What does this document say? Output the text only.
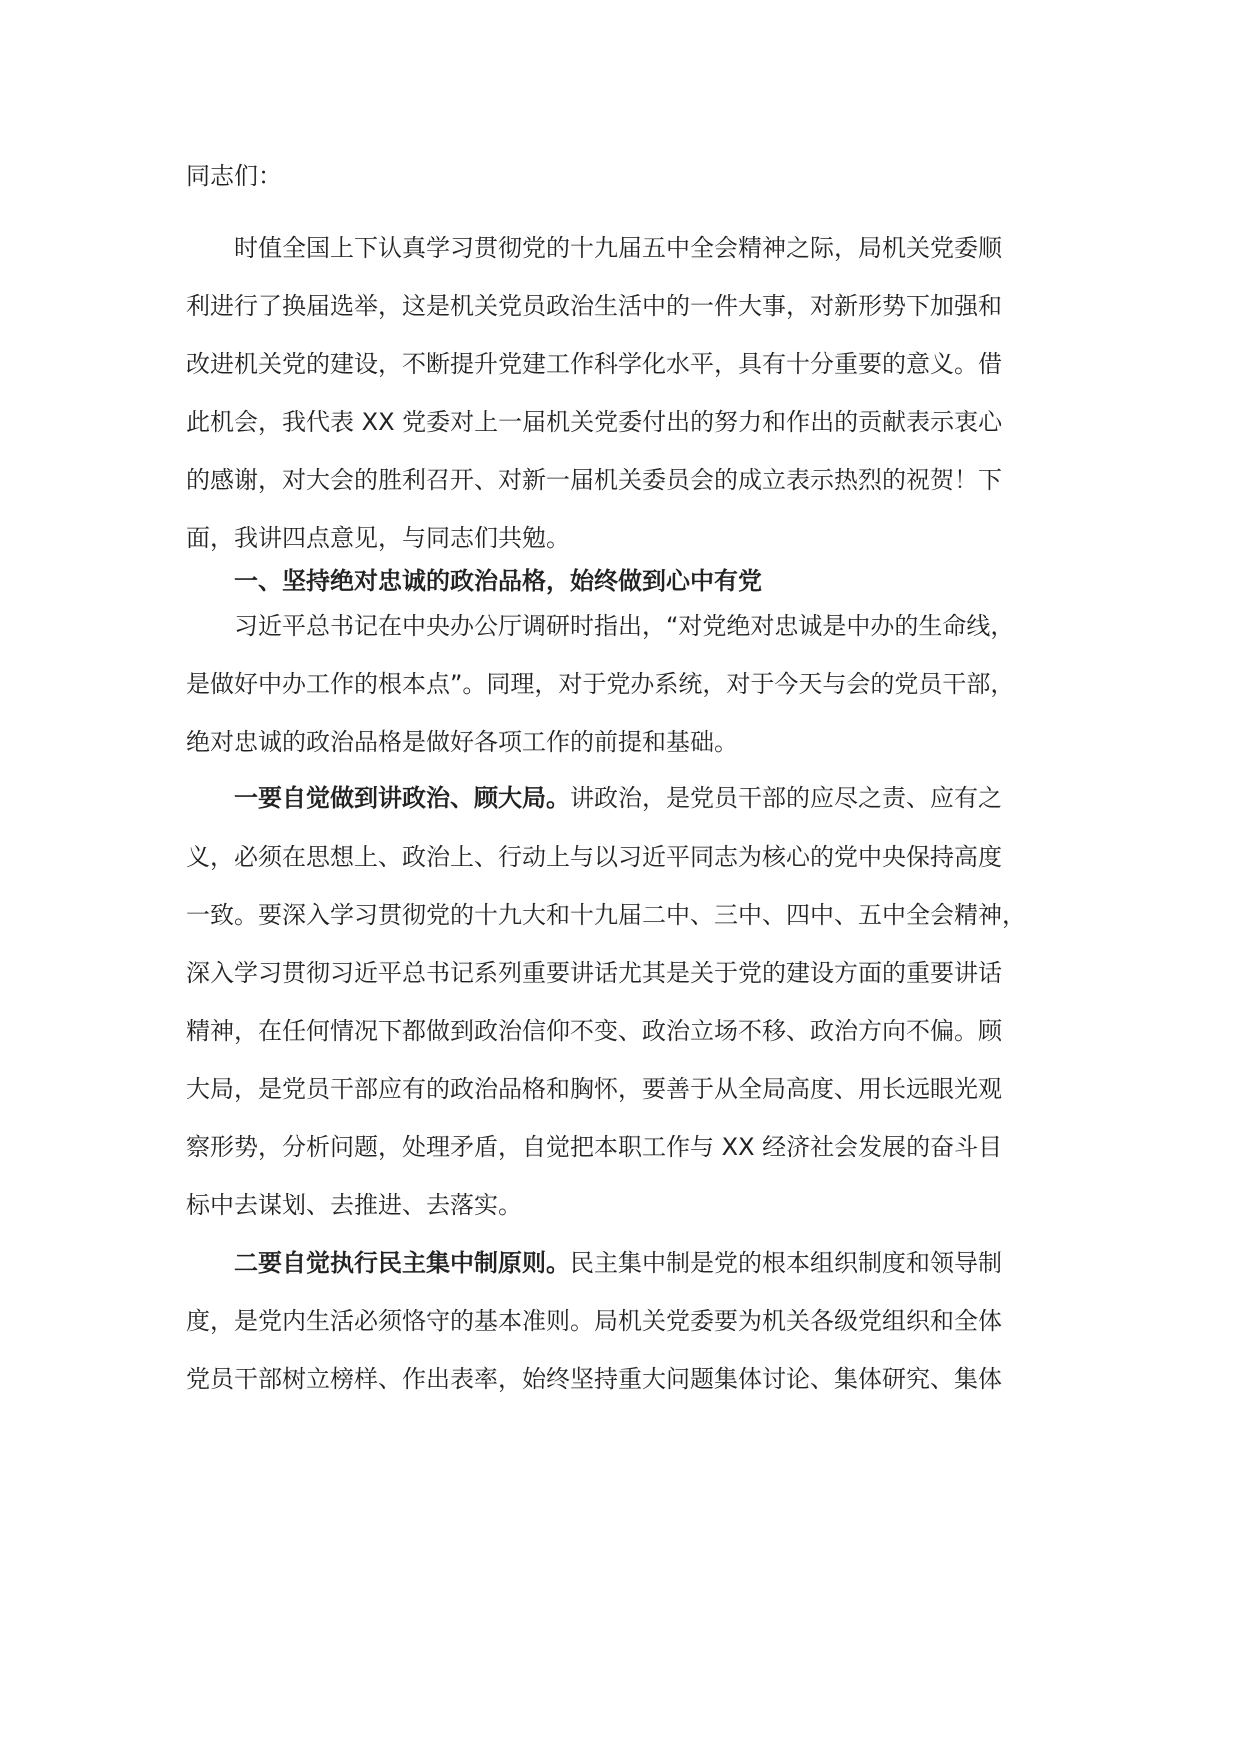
同志们：
时值全国上下认真学习贯彻党的十九届五中全会精神之际，局机关党委顺
利进行了换届选举，这是机关党员政治生活中的一件大事，对新形势下加强和
改进机关党的建设，不断提升党建工作科学化水平，具有十分重要的意义。借
此机会，我代表 XX 党委对上一届机关党委付出的努力和作出的贡献表示衷心
的感谢，对大会的胜利召开、对新一届机关委员会的成立表示热烈的祝贺！下
面，我讲四点意见，与同志们共勉。
一、坚持绝对忠诚的政治品格，始终做到心中有党
习近平总书记在中央办公厅调研时指出，“对党绝对忠诚是中办的生命线，
是做好中办工作的根本点”。同理，对于党办系统，对于今天与会的党员干部，
绝对忠诚的政治品格是做好各项工作的前提和基础。
一要自觉做到讲政治、顾大局。讲政治，是党员干部的应尽之责、应有之
义，必须在思想上、政治上、行动上与以习近平同志为核心的党中央保持高度
一致。要深入学习贯彻党的十九大和十九届二中、三中、四中、五中全会精神，
深入学习贯彻习近平总书记系列重要讲话尤其是关于党的建设方面的重要讲话
精神，在任何情况下都做到政治信仰不变、政治立场不移、政治方向不偏。顾
大局，是党员干部应有的政治品格和胸怀，要善于从全局高度、用长远眼光观
察形势，分析问题，处理矛盾，自觉把本职工作与 XX 经济社会发展的奋斗目
标中去谋划、去推进、去落实。
二要自觉执行民主集中制原则。民主集中制是党的根本组织制度和领导制
度，是党内生活必须恪守的基本准则。局机关党委要为机关各级党组织和全体
党员干部树立榜样、作出表率，始终坚持重大问题集体讨论、集体研究、集体
